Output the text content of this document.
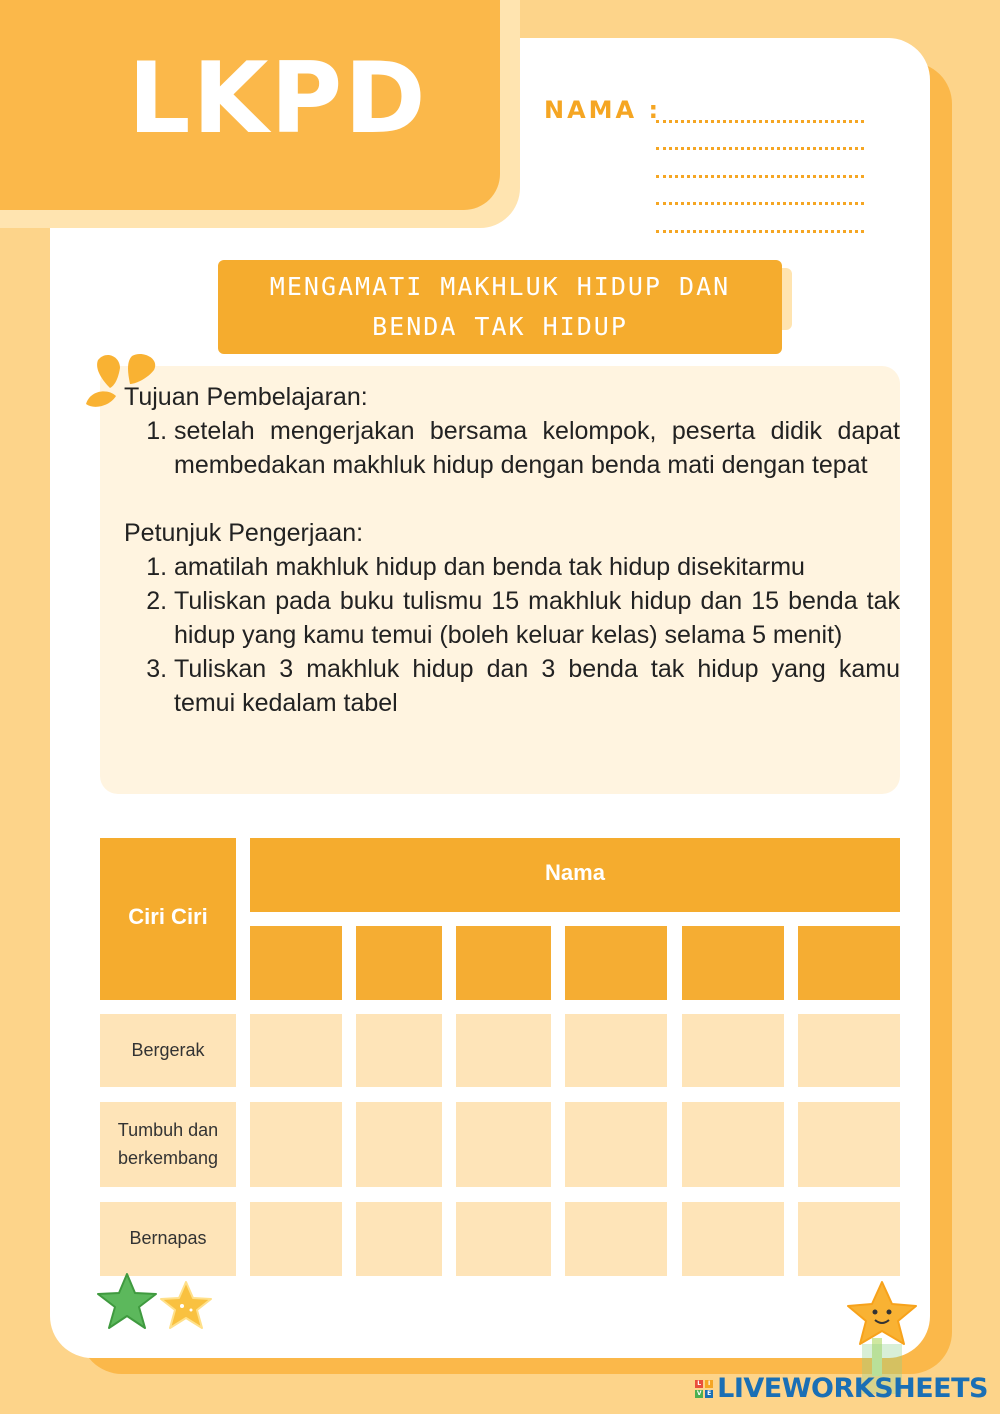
LKPD	NAMA :
MENGAMATI MAKHLUK HIDUP DAN
BENDA TAK HIDUP

Tujuan Pembelajaran:

1. setelah mengerjakan bersama kelompok, peserta didik dapat membedakan makhluk hidup dengan benda mati dengan tepat

Petunjuk Pengerjaan:

1. amatilah makhluk hidup dan benda tak hidup disekitarmu
2. Tuliskan pada buku tulismu 15 makhluk hidup dan 15 benda tak hidup yang kamu temui (boleh keluar kelas) selama 5 menit)
3. Tuliskan 3 makhluk hidup dan 3 benda tak hidup yang kamu temui kedalam tabel
Ciri Ciri
Nama
Bergerak
Tumbuh dan berkembang
Bernapas
L	I
V E LIVEWORKSHEETS
